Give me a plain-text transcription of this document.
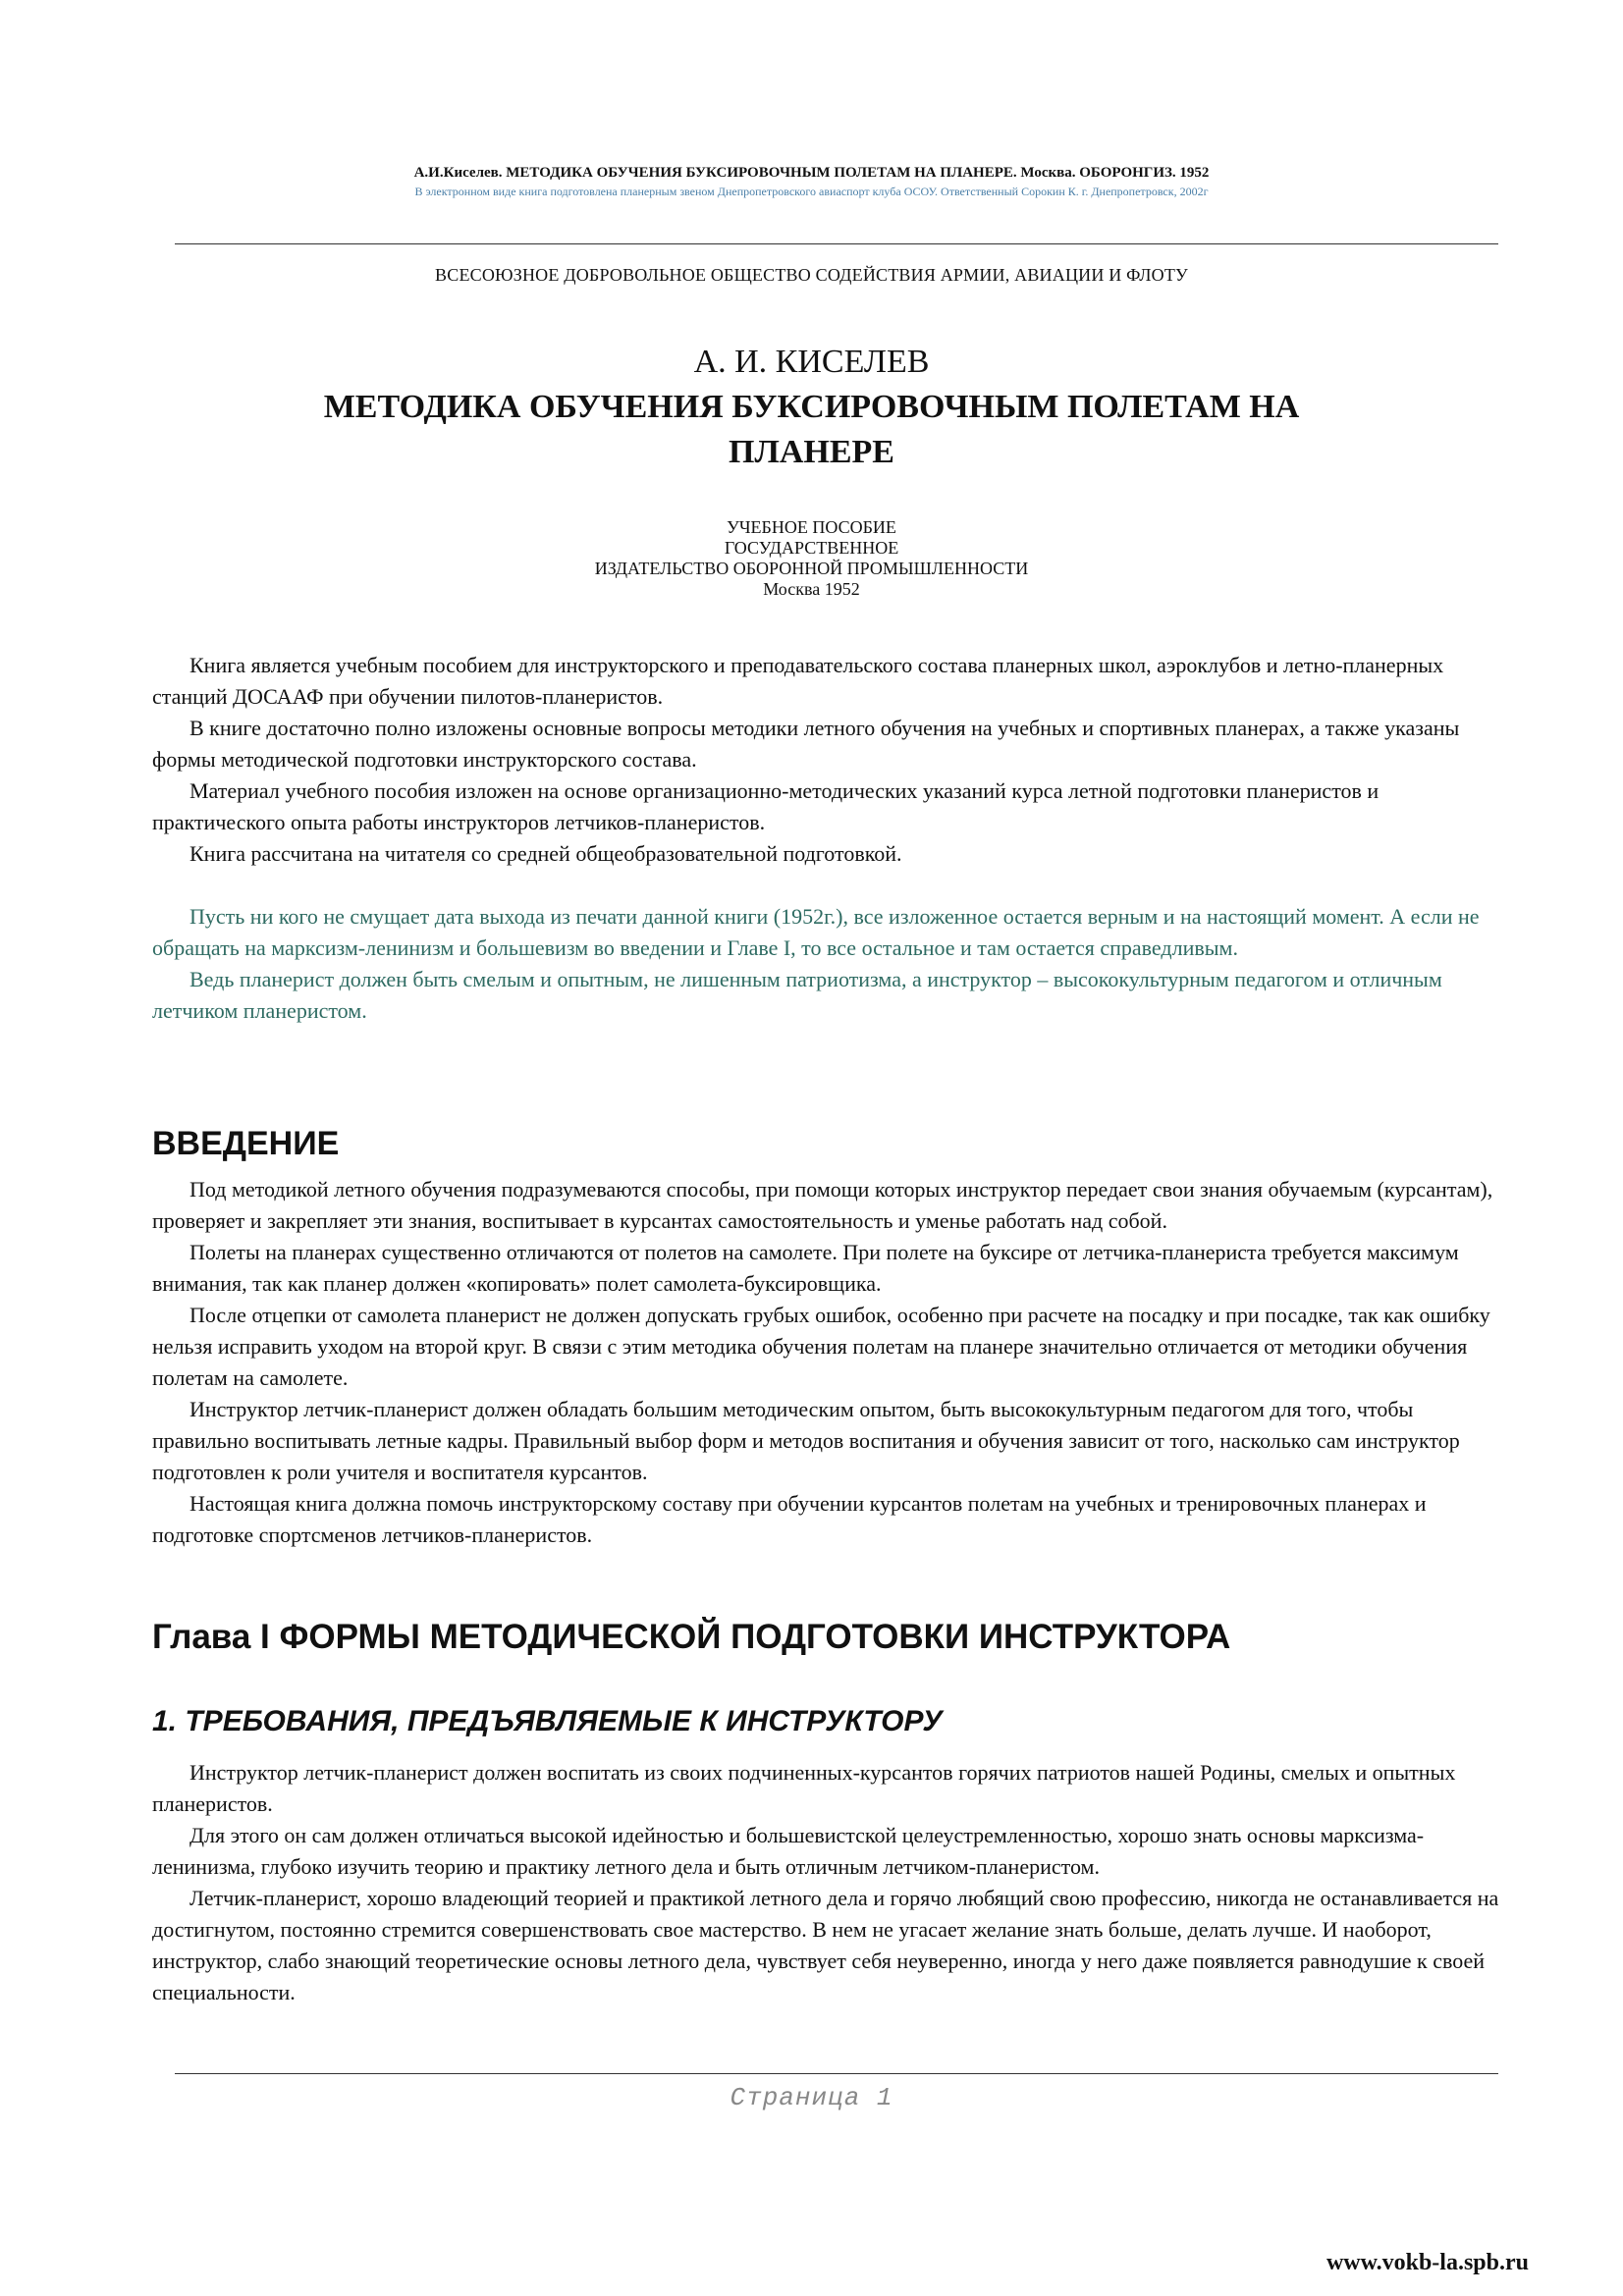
А.И.Киселев. МЕТОДИКА ОБУЧЕНИЯ БУКСИРОВОЧНЫМ ПОЛЕТАМ НА ПЛАНЕРЕ. Москва. ОБОРОНГИЗ. 1952
В электронном виде книга подготовлена планерным звеном Днепропетровского авиаспорт клуба ОСОУ. Ответственный Сорокин К. г. Днепропетровск, 2002г
ВСЕСОЮЗНОЕ ДОБРОВОЛЬНОЕ ОБЩЕСТВО СОДЕЙСТВИЯ АРМИИ, АВИАЦИИ И ФЛОТУ
А. И. КИСЕЛЕВ
МЕТОДИКА ОБУЧЕНИЯ БУКСИРОВОЧНЫМ ПОЛЕТАМ НА ПЛАНЕРЕ
УЧЕБНОЕ ПОСОБИЕ
ГОСУДАРСТВЕННОЕ
ИЗДАТЕЛЬСТВО ОБОРОННОЙ ПРОМЫШЛЕННОСТИ
Москва 1952

Книга является учебным пособием для инструкторского и преподавательского состава планерных школ, аэроклубов и летно-планерных станций ДОСААФ при обучении пилотов-планеристов.

В книге достаточно полно изложены основные вопросы методики летного обучения на учебных и спортивных планерах, а также указаны формы методической подготовки инструкторского состава.

Материал учебного пособия изложен на основе организационно-методических указаний курса летной подготовки планеристов и практического опыта работы инструкторов летчиков-планеристов.

Книга рассчитана на читателя со средней общеобразовательной подготовкой.

Пусть ни кого не смущает дата выхода из печати данной книги (1952г.), все изложенное остается верным и на настоящий момент. А если не обращать на марксизм-ленинизм и большевизм во введении и Главе I, то все остальное и там остается справедливым.

Ведь планерист должен быть смелым и опытным, не лишенным патриотизма, а инструктор – высококультурным педагогом и отличным летчиком планеристом.

ВВЕДЕНИЕ

Под методикой летного обучения подразумеваются способы, при помощи которых инструктор передает свои знания обучаемым (курсантам), проверяет и закрепляет эти знания, воспитывает в курсантах самостоятельность и уменье работать над собой.

Полеты на планерах существенно отличаются от полетов на самолете. При полете на буксире от летчика-планериста требуется максимум внимания, так как планер должен «копировать» полет самолета-буксировщика.

После отцепки от самолета планерист не должен допускать грубых ошибок, особенно при расчете на посадку и при посадке, так как ошибку нельзя исправить уходом на второй круг. В связи с этим методика обучения полетам на планере значительно отличается от методики обучения полетам на самолете.

Инструктор летчик-планерист должен обладать большим методическим опытом, быть высококультурным педагогом для того, чтобы правильно воспитывать летные кадры. Правильный выбор форм и методов воспитания и обучения зависит от того, насколько сам инструктор подготовлен к роли учителя и воспитателя курсантов.

Настоящая книга должна помочь инструкторскому составу при обучении курсантов полетам на учебных и тренировочных планерах и подготовке спортсменов летчиков-планеристов.

Глава I ФОРМЫ МЕТОДИЧЕСКОЙ ПОДГОТОВКИ ИНСТРУКТОРА
1. ТРЕБОВАНИЯ, ПРЕДЪЯВЛЯЕМЫЕ К ИНСТРУКТОРУ

Инструктор летчик-планерист должен воспитать из своих подчиненных-курсантов горячих патриотов нашей Родины, смелых и опытных планеристов.

Для этого он сам должен отличаться высокой идейностью и большевистской целеустремленностью, хорошо знать основы марксизма-ленинизма, глубоко изучить теорию и практику летного дела и быть отличным летчиком-планеристом.

Летчик-планерист, хорошо владеющий теорией и практикой летного дела и горячо любящий свою профессию, никогда не останавливается на достигнутом, постоянно стремится совершенствовать свое мастерство. В нем не угасает желание знать больше, делать лучше. И наоборот, инструктор, слабо знающий теоретические основы летного дела, чувствует себя неуверенно, иногда у него даже появляется равнодушие к своей специальности.

Страница 1
www.vokb-la.spb.ru
